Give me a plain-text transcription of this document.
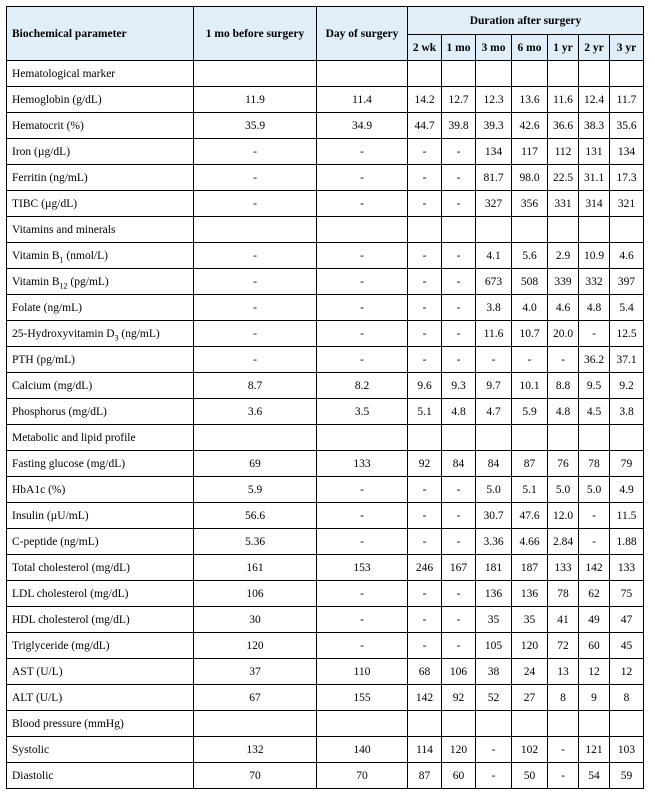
Biochemical parameter	1 mo before surgery	Day of surgery	Duration after surgery						
			2 wk	1 mo	3 mo	6 mo	1 yr	2 yr	3 yr
Hematological marker									
Hemoglobin (g/dL)	11.9	11.4	14.2	12.7	12.3	13.6	11.6	12.4	11.7
Hematocrit (%)	35.9	34.9	44.7	39.8	39.3	42.6	36.6	38.3	35.6
Iron (µg/dL)	-	-	-	-	134	117	112	131	134
Ferritin (ng/mL)	-	-	-	-	81.7	98.0	22.5	31.1	17.3
TIBC (µg/dL)	-	-	-	-	327	356	331	314	321
Vitamins and minerals									
Vitamin $B_1$ (nmol/L)	-	-	-	-	4.1	5.6	2.9	10.9	4.6
Vitamin $B_{12}$ (pg/mL)	-	-	-	-	673	508	339	332	397
Folate (ng/mL)	-	-	-	-	3.8	4.0	4.6	4.8	5.4
25-Hydroxyvitamin $D_3$ (ng/mL)	-	-	-	-	11.6	10.7	20.0	-	12.5
PTH (pg/mL)	-	-	-	-	-	-	-	36.2	37.1
Calcium (mg/dL)	8.7	8.2	9.6	9.3	9.7	10.1	8.8	9.5	9.2
Phosphorus (mg/dL)	3.6	3.5	5.1	4.8	4.7	5.9	4.8	4.5	3.8
Metabolic and lipid profile									
Fasting glucose (mg/dL)	69	133	92	84	84	87	76	78	79
HbA1c (%)	5.9	-	-	-	5.0	5.1	5.0	5.0	4.9
Insulin (µU/mL)	56.6	-	-	-	30.7	47.6	12.0	-	11.5
C-peptide (ng/mL)	5.36	-	-	-	3.36	4.66	2.84	-	1.88
Total cholesterol (mg/dL)	161	153	246	167	181	187	133	142	133
LDL cholesterol (mg/dL)	106	-	-	-	136	136	78	62	75
HDL cholesterol (mg/dL)	30	-	-	-	35	35	41	49	47
Triglyceride (mg/dL)	120	-	-	-	105	120	72	60	45
AST (U/L)	37	110	68	106	38	24	13	12	12
ALT (U/L)	67	155	142	92	52	27	8	9	8
Blood pressure (mmHg)									
Systolic	132	140	114	120	-	102	-	121	103
Diastolic	70	70	87	60	-	50	-	54	59
